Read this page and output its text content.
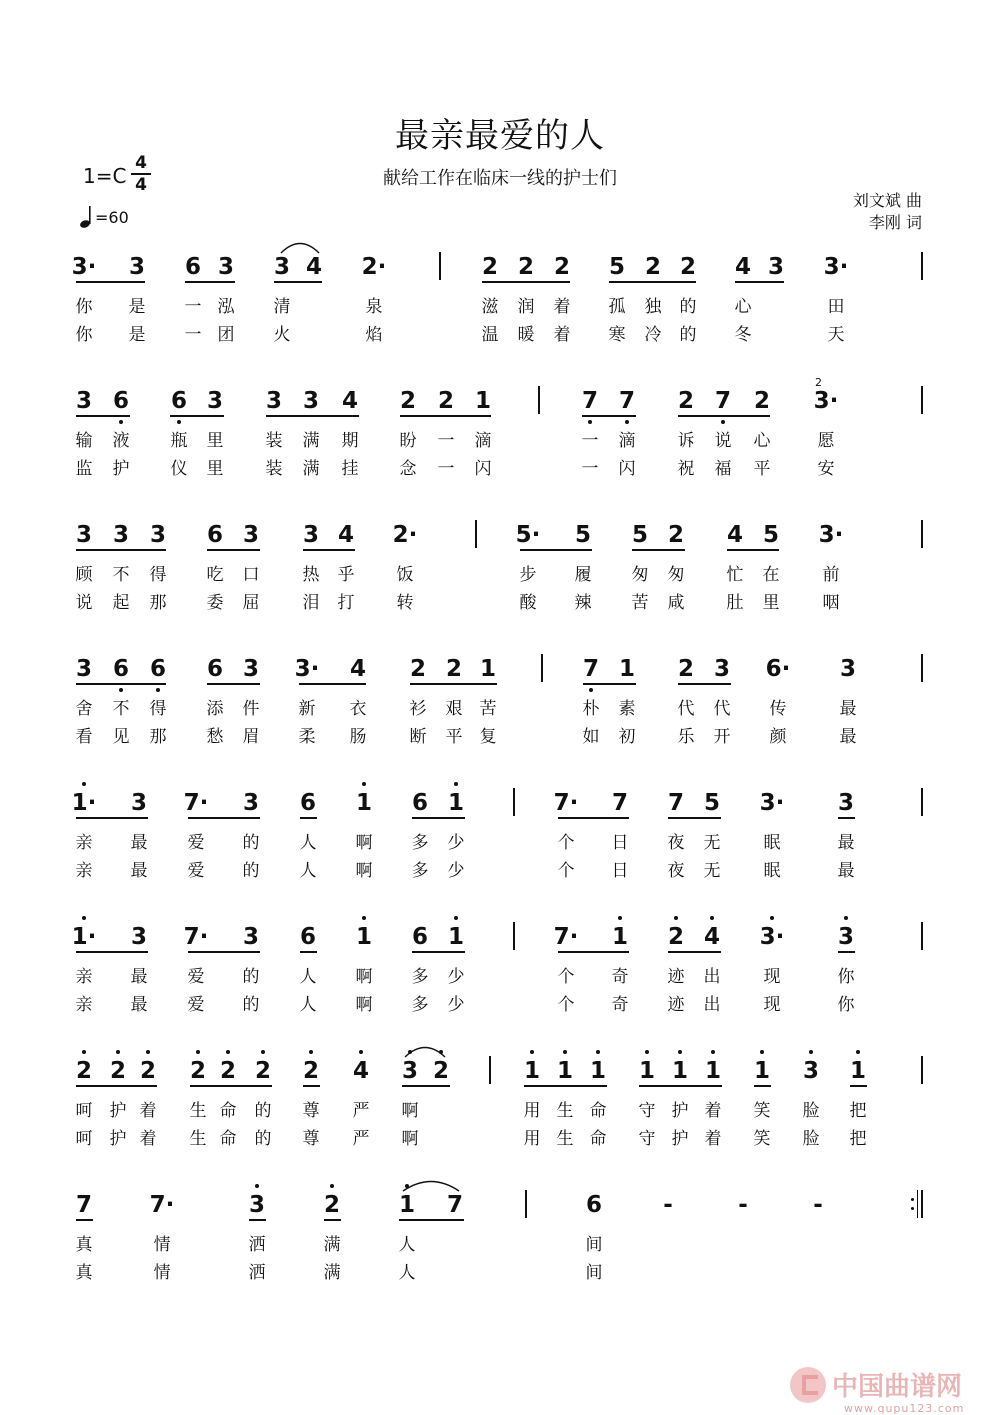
最亲最爱的人
献给工作在临床一线的护士们
1=C
4
4
=60
刘文斌 曲
李刚 词
3· 3 6 3 3 4 2·	2 2 2 5 2 2 4 3 3·
你 是 一 泓 清	泉	滋 润 着 孤 独 的 心	田
你 是 一 团 火	焰	温 暖 着 寒 冷 的 冬	天
3 6 6 3 3 3 4 2 2 1	7 7 2 7 2 3·
2
输 液 瓶 里 装 满 期 盼 一 滴	一 滴 诉 说 心	愿
监 护 仪 里 装 满 挂 念 一 闪	一 闪 祝 福 平	安
3 3 3 6 3 3 4 2·	5· 5 5 2 4 5 3·
顾 不 得 吃 口	热 乎 饭	步 履 匆 匆 忙 在	前
说 起 那 委 屈	泪 打 转	酸 辣 苦 咸 肚 里	咽
3 6 6 6 3 3· 4 2 2 1	7 1 2 3 6· 3
舍 不 得 添 件 新 衣	衫 艰 苦	朴 素 代 代 传	最
看 见 那 愁 眉 柔 肠	断 平 复	如 初 乐 开 颜	最
1· 3 7· 3 6 1 6 1	7· 7 7 5 3· 3
亲 最 爱 的 人 啊 多 少	个 日 夜 无	眠	最
亲 最 爱 的 人 啊 多 少	个 日 夜 无	眠	最
1· 3 7· 3 6 1 6 1	7· 1 2 4 3· 3
亲 最 爱 的 人 啊 多 少	个 奇 迹 出	现	你
亲 最 爱 的 人 啊 多 少	个 奇 迹 出	现	你
2 2 2 2 2 2 2 4 3 2	1 1 1 1 1 1 1 3 1
呵 护 着 生 命 的 尊 严 啊	用 生 命 守 护 着 笑 脸 把
呵 护 着 生 命 的 尊 严 啊	用 生 命 守 护 着 笑 脸 把
7	7·	3	2	1 7	6	-	-	-
真	情	洒	满	人	间
真	情	洒	满	人	间
中国曲谱网
www.qupu123.com
